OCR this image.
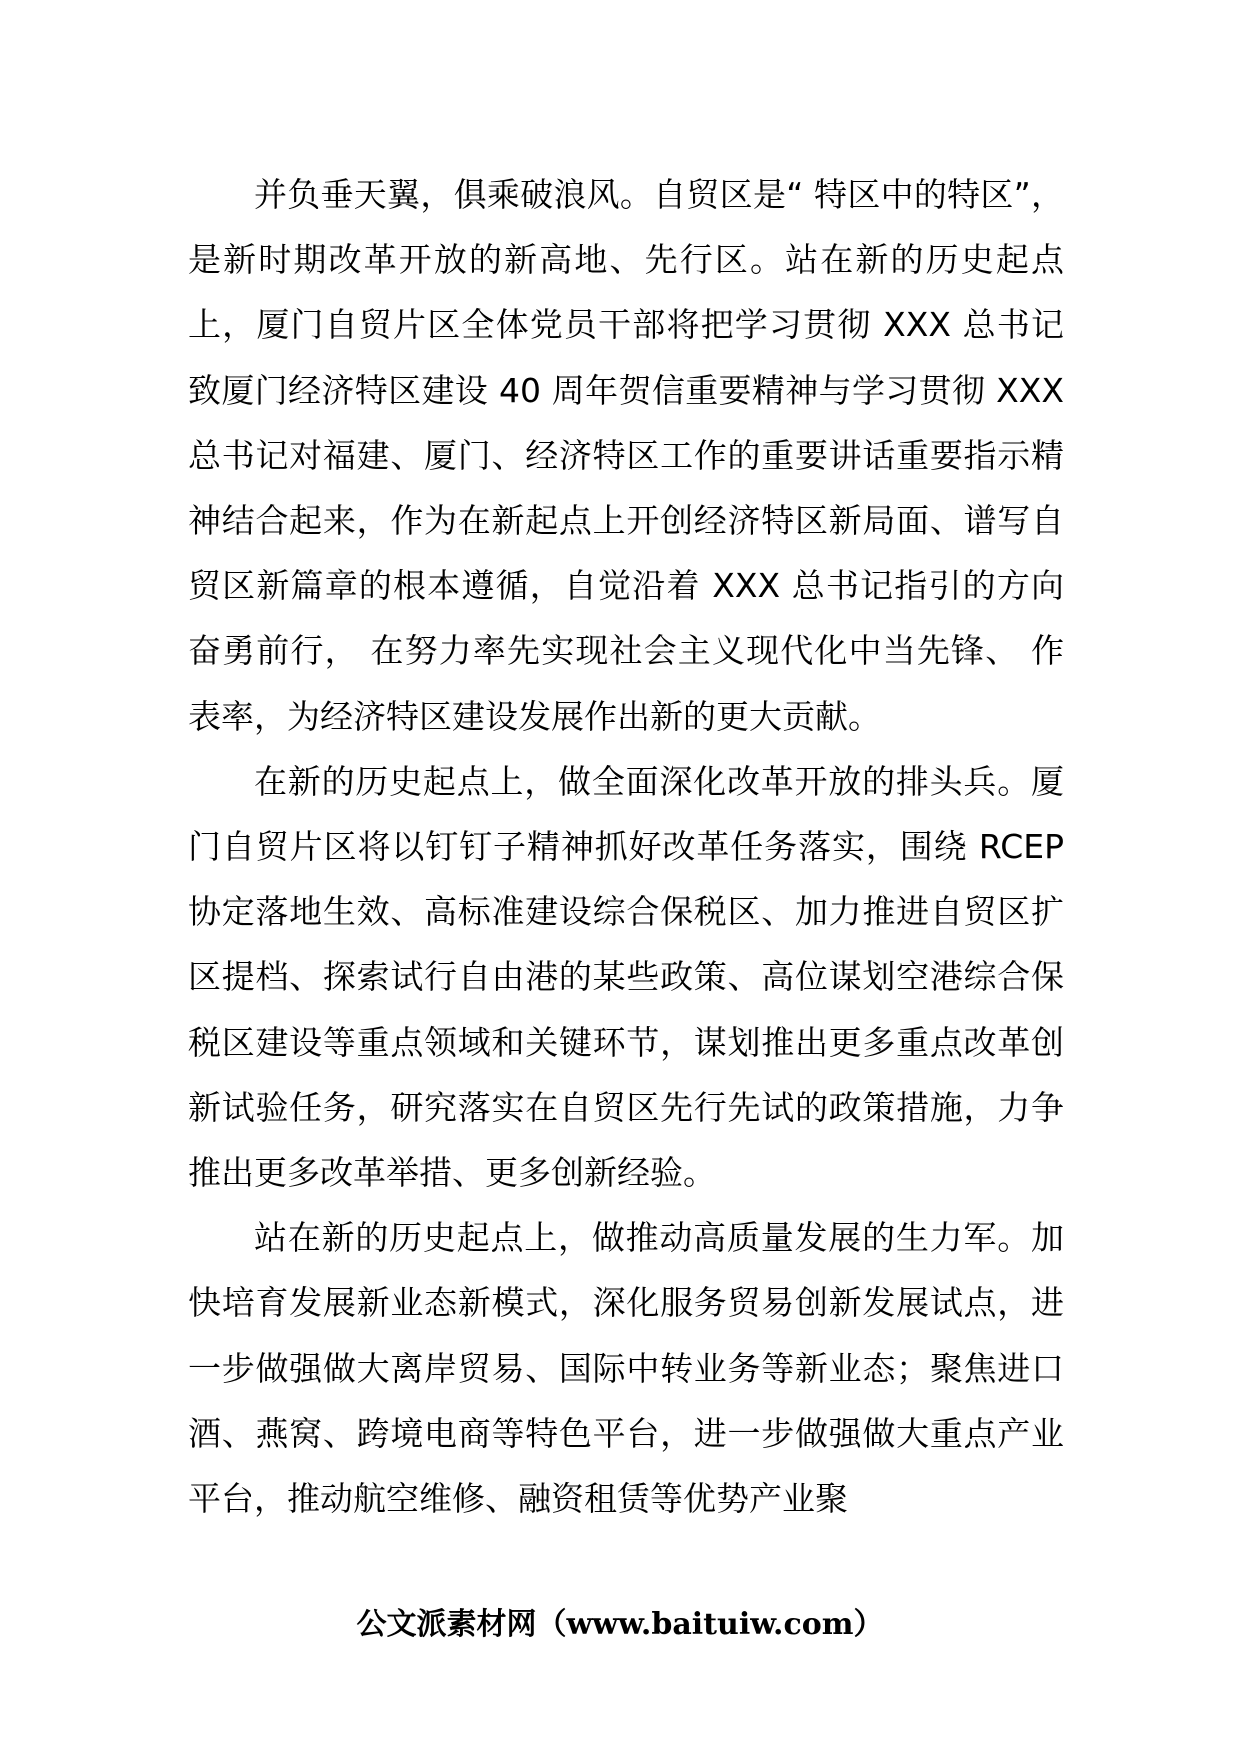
并负垂天翼，俱乘破浪风。自贸区是“ 特区中的特区”，是新时期改革开放的新高地、先行区。站在新的历史起点上，厦门自贸片区全体党员干部将把学习贯彻 XXX 总书记致厦门经济特区建设 40 周年贺信重要精神与学习贯彻 XXX 总书记对福建、厦门、经济特区工作的重要讲话重要指示精神结合起来，作为在新起点上开创经济特区新局面、谱写自贸区新篇章的根本遵循，自觉沿着 XXX 总书记指引的方向奋勇前行， 在努力率先实现社会主义现代化中当先锋、 作表率，为经济特区建设发展作出新的更大贡献。

在新的历史起点上，做全面深化改革开放的排头兵。厦门自贸片区将以钉钉子精神抓好改革任务落实，围绕 RCEP 协定落地生效、高标准建设综合保税区、加力推进自贸区扩区提档、探索试行自由港的某些政策、高位谋划空港综合保税区建设等重点领域和关键环节，谋划推出更多重点改革创新试验任务，研究落实在自贸区先行先试的政策措施，力争推出更多改革举措、更多创新经验。

站在新的历史起点上，做推动高质量发展的生力军。加快培育发展新业态新模式，深化服务贸易创新发展试点，进一步做强做大离岸贸易、国际中转业务等新业态；聚焦进口酒、燕窝、跨境电商等特色平台，进一步做强做大重点产业平台，推动航空维修、融资租赁等优势产业聚

公文派素材网（www.baituiw.com）
